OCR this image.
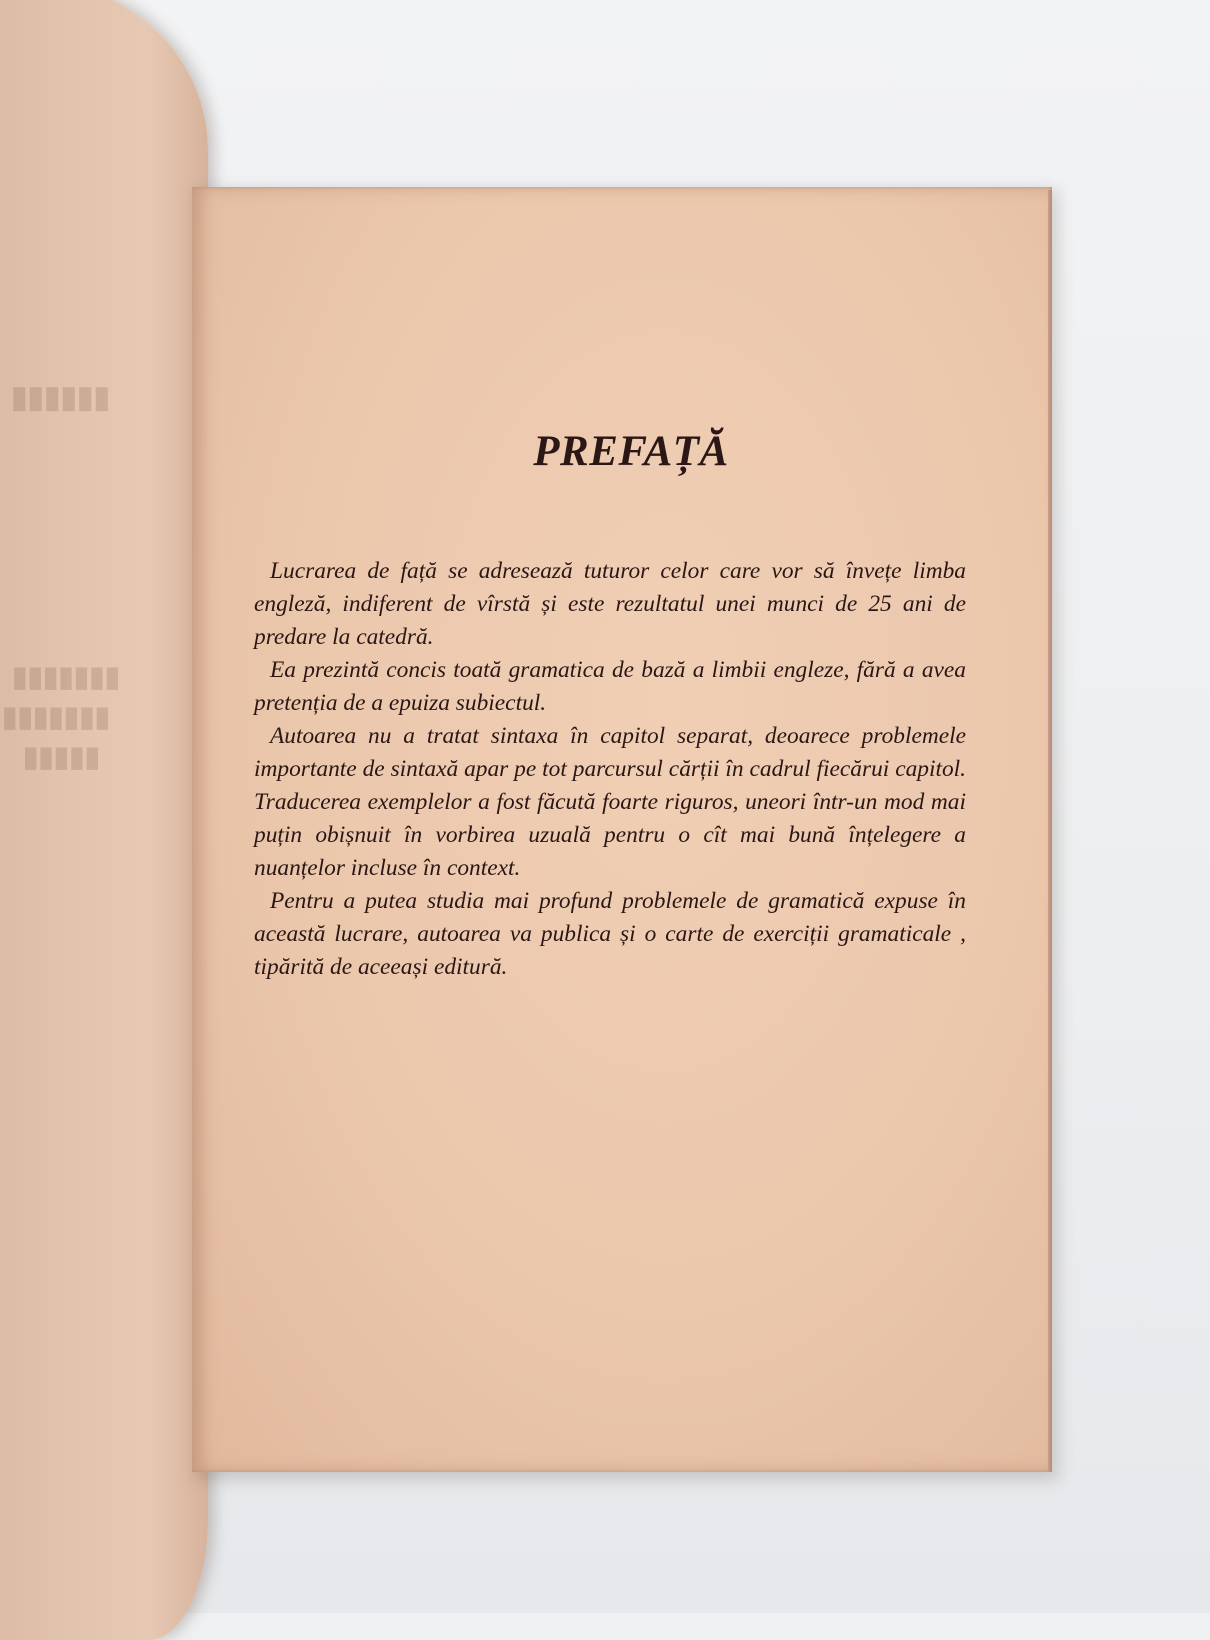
▮▮▮▮▮▮
▮▮▮▮▮▮▮
▮▮▮▮▮▮▮
▮▮▮▮▮
PREFAȚĂ

Lucrarea de față se adresează tuturor celor care vor să învețe limba engleză, indiferent de vîrstă și este rezultatul unei munci de 25 ani de predare la catedră.

Ea prezintă concis toată gramatica de bază a limbii engleze, fără a avea pretenția de a epuiza subiectul.

Autoarea nu a tratat sintaxa în capitol separat, deoarece problemele importante de sintaxă apar pe tot parcursul cărții în cadrul fiecărui capitol. Traducerea exemplelor a fost făcută foarte riguros, uneori într-un mod mai puțin obișnuit în vorbirea uzuală pentru o cît mai bună înțelegere a nuanțelor incluse în context.

Pentru a putea studia mai profund problemele de gramatică expuse în această lucrare, autoarea va publica și o carte de exerciții gramaticale , tipărită de aceeași editură.
